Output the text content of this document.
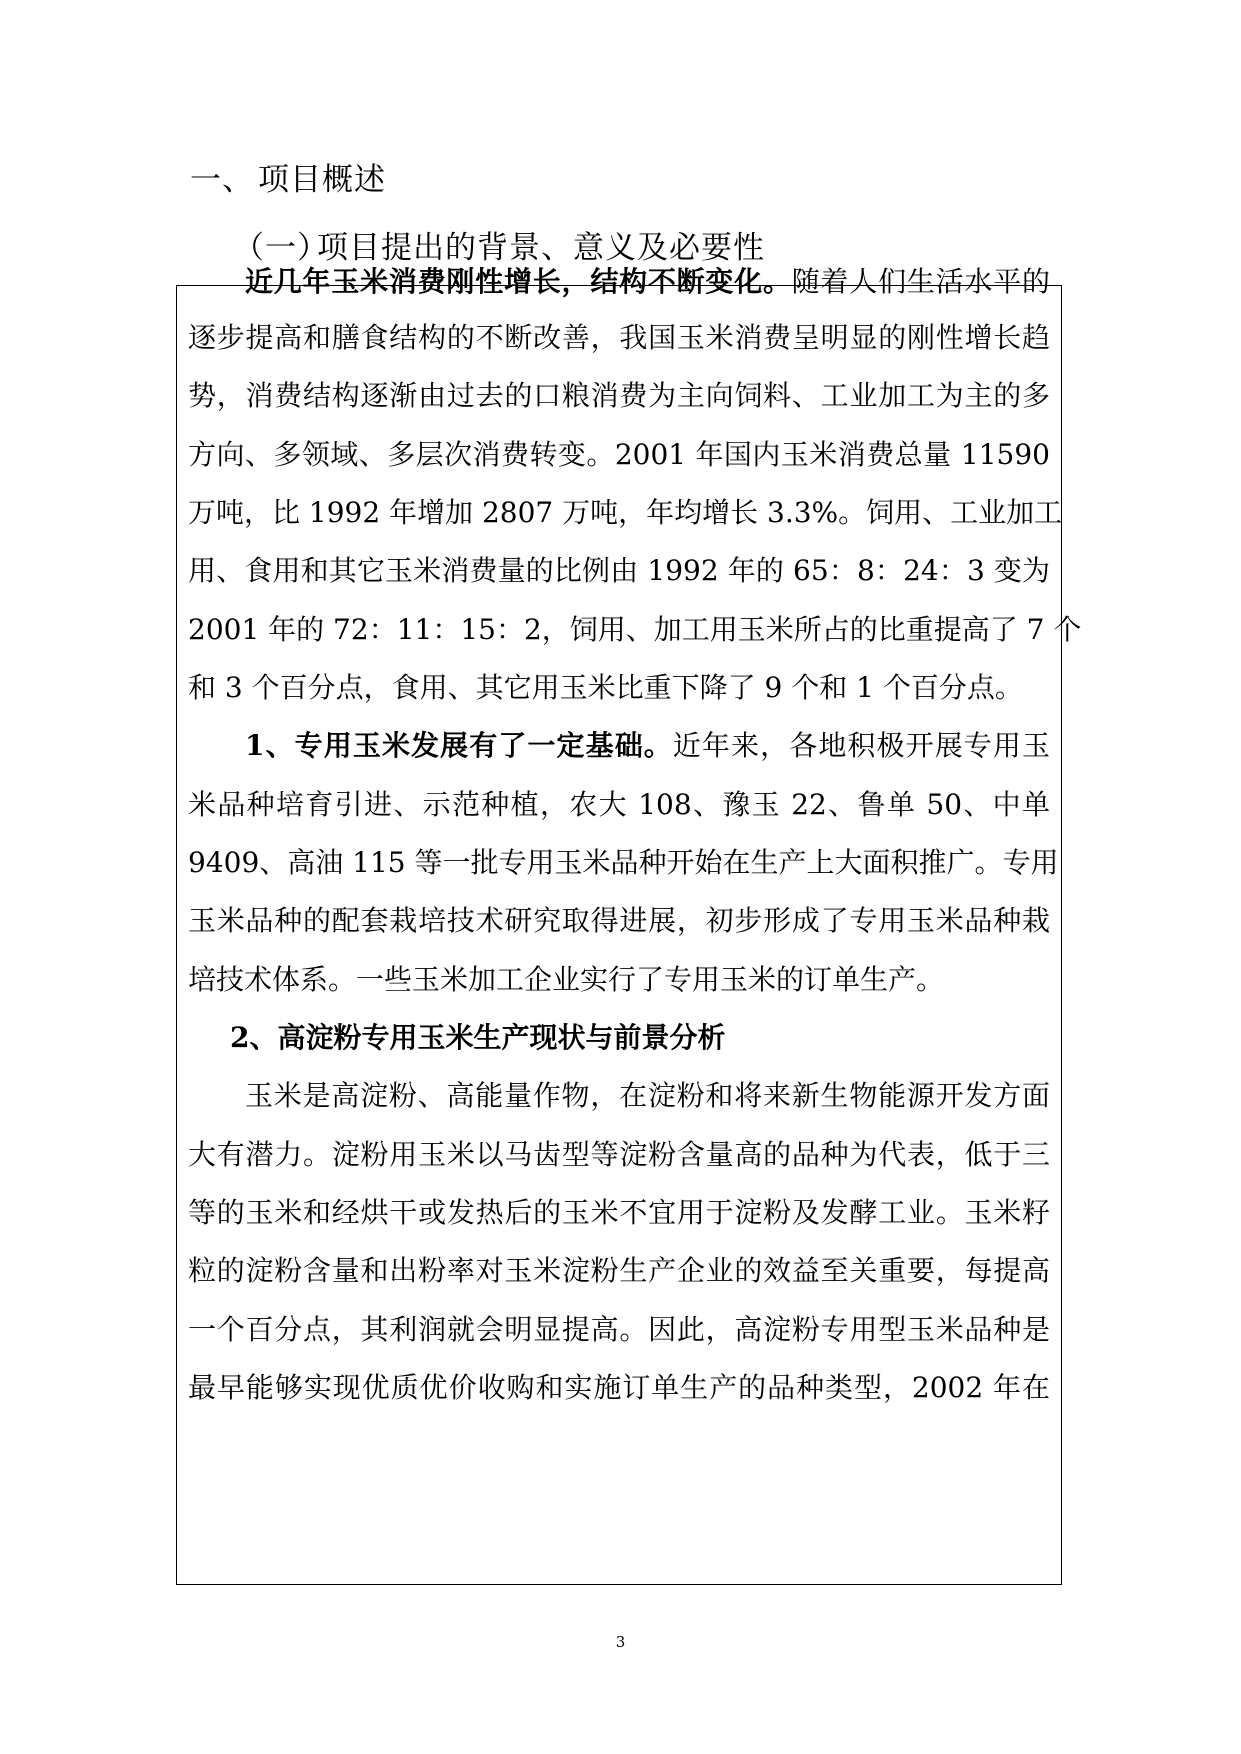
一、 项目概述
（一）项目提出的背景、意义及必要性
近几年玉米消费刚性增长，结构不断变化。随着人们生活水平的
逐步提高和膳食结构的不断改善，我国玉米消费呈明显的刚性增长趋
势，消费结构逐渐由过去的口粮消费为主向饲料、工业加工为主的多
方向、多领域、多层次消费转变。2001 年国内玉米消费总量 11590
万吨，比 1992 年增加 2807 万吨，年均增长 3.3%。饲用、工业加工
用、食用和其它玉米消费量的比例由 1992 年的 65：8：24：3 变为
2001 年的 72：11：15：2，饲用、加工用玉米所占的比重提高了 7 个
和 3 个百分点，食用、其它用玉米比重下降了 9 个和 1 个百分点。
1、专用玉米发展有了一定基础。近年来，各地积极开展专用玉
米品种培育引进、示范种植，农大 108、豫玉 22、鲁单 50、中单
9409、高油 115 等一批专用玉米品种开始在生产上大面积推广。专用
玉米品种的配套栽培技术研究取得进展，初步形成了专用玉米品种栽
培技术体系。一些玉米加工企业实行了专用玉米的订单生产。
2、高淀粉专用玉米生产现状与前景分析
玉米是高淀粉、高能量作物，在淀粉和将来新生物能源开发方面
大有潜力。淀粉用玉米以马齿型等淀粉含量高的品种为代表，低于三
等的玉米和经烘干或发热后的玉米不宜用于淀粉及发酵工业。玉米籽
粒的淀粉含量和出粉率对玉米淀粉生产企业的效益至关重要，每提高
一个百分点，其利润就会明显提高。因此，高淀粉专用型玉米品种是
最早能够实现优质优价收购和实施订单生产的品种类型，2002 年在
3
